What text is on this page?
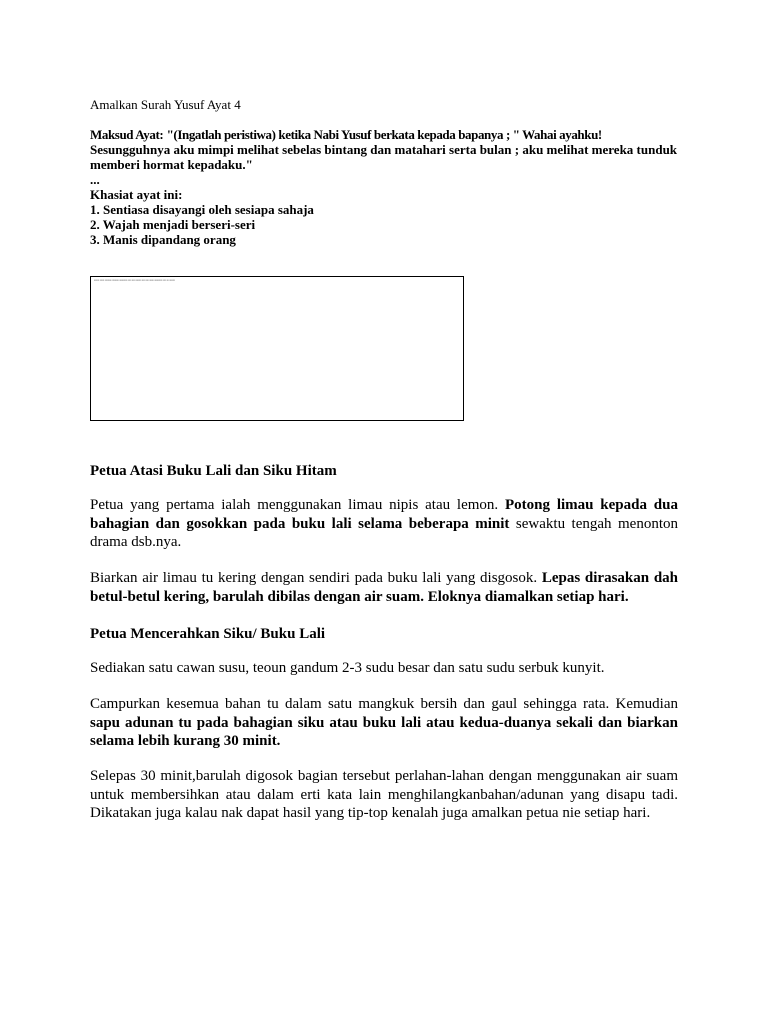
Amalkan Surah Yusuf Ayat 4

Maksud Ayat: "(Ingatlah peristiwa) ketika Nabi Yusuf berkata kepada bapanya ; " Wahai ayahku!

Sesungguhnya aku mimpi melihat sebelas bintang dan matahari serta bulan ; aku melihat mereka tunduk

memberi hormat kepadaku."

...

Khasiat ayat ini:

1. Sentiasa disayangi oleh sesiapa sahaja

2. Wajah menjadi berseri-seri

3. Manis dipandang orang

▪▪▪▪▪ ▪▪▪▪ ▪▪▪▪▪▪ ▪▪▪▪▪▪ ▪▪▪▪▪▪▪ ▪▪▪ ▪▪▪ ▪▪▪▪▪ ▪▪▪ ▪▪▪ ▪▪▪▪ ▪▪▪▪▪▪▪ ▪▪▪ ▪▪ ▪▪▪▪▪

Petua Atasi Buku Lali dan Siku Hitam

Petua yang pertama ialah menggunakan limau nipis atau lemon. Potong limau kepada dua bahagian dan gosokkan pada buku lali selama beberapa minit sewaktu tengah menonton drama dsb.nya.

Biarkan air limau tu kering dengan sendiri pada buku lali yang disgosok. Lepas dirasakan dah betul-betul kering, barulah dibilas dengan air suam. Eloknya diamalkan setiap hari.

Petua Mencerahkan Siku/ Buku Lali

Sediakan satu cawan susu, teoun gandum 2-3 sudu besar dan satu sudu serbuk kunyit.

Campurkan kesemua bahan tu dalam satu mangkuk bersih dan gaul sehingga rata. Kemudian sapu adunan tu pada bahagian siku atau buku lali atau kedua-duanya sekali dan biarkan selama lebih kurang 30 minit.

Selepas 30 minit,barulah digosok bagian tersebut perlahan-lahan dengan menggunakan air suam untuk membersihkan atau dalam erti kata lain menghilangkanbahan/adunan yang disapu tadi. Dikatakan juga kalau nak dapat hasil yang tip-top kenalah juga amalkan petua nie setiap hari.
